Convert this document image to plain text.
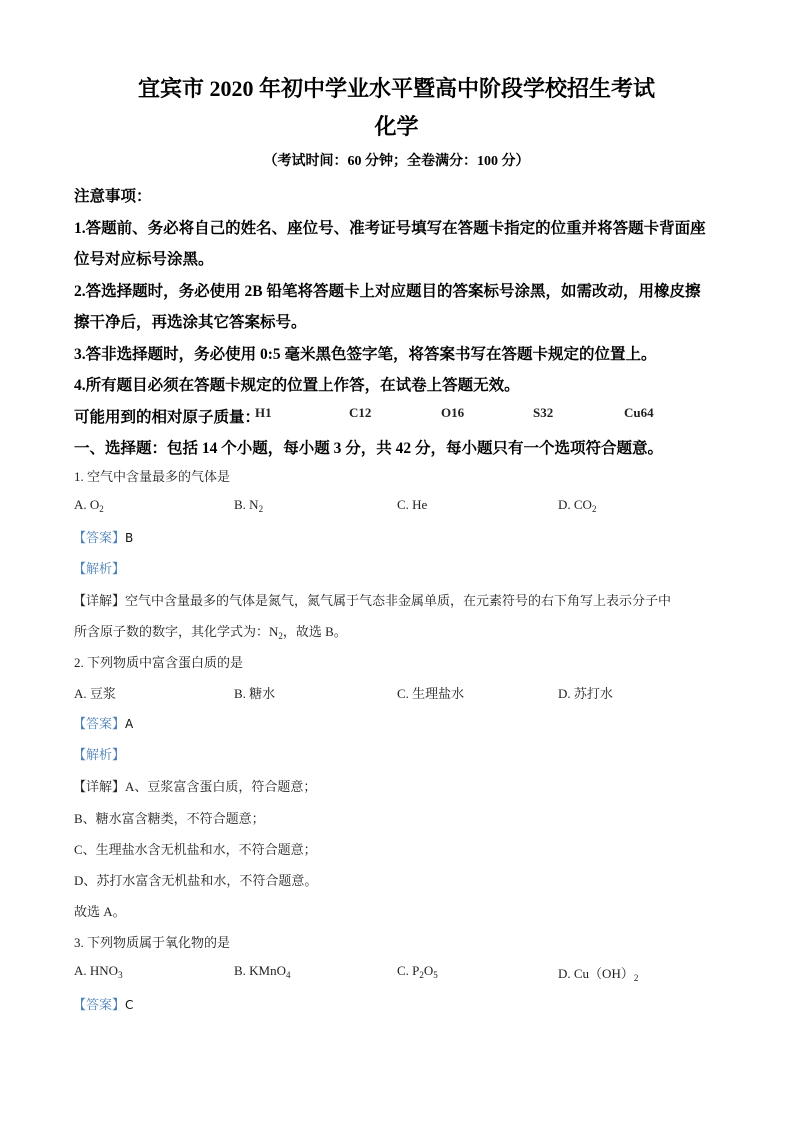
宜宾市 2020 年初中学业水平暨高中阶段学校招生考试
化学
（考试时间：60 分钟；全卷满分：100 分）
注意事项：
1.答题前、务必将自己的姓名、座位号、准考证号填写在答题卡指定的位重并将答题卡背面座
位号对应标号涂黑。
2.答选择题时，务必使用 2B 铅笔将答题卡上对应题目的答案标号涂黑，如需改动，用橡皮擦
擦干净后，再选涂其它答案标号。
3.答非选择题时，务必使用 0:5 毫米黑色签字笔，将答案书写在答题卡规定的位置上。
4.所有题目必须在答题卡规定的位置上作答，在试卷上答题无效。
可能用到的相对原子质量：
H1	C12	O16	S32	Cu64
一、选择题：包括 14 个小题，每小题 3 分，共 42 分，每小题只有一个选项符合题意。
1. 空气中含量最多的气体是
A. $O_2$	B. $N_2$	C. He	D. $CO_2$
【答案】B
【解析】
【详解】空气中含量最多的气体是氮气，氮气属于气态非金属单质，在元素符号的右下角写上表示分子中
所含原子数的数字，其化学式为：$N_2$，故选 B。
2. 下列物质中富含蛋白质的是
A. 豆浆	B. 糖水	C. 生理盐水	D. 苏打水
【答案】A
【解析】
【详解】A、豆浆富含蛋白质，符合题意；
B、糖水富含糖类，不符合题意；
C、生理盐水含无机盐和水，不符合题意；
D、苏打水富含无机盐和水，不符合题意。
故选 A。
3. 下列物质属于氧化物的是
A. $HNO_3$	B. KMnO$_4$	C. $P_2O_5$	D. $Cu(OH)_2$
【答案】C
